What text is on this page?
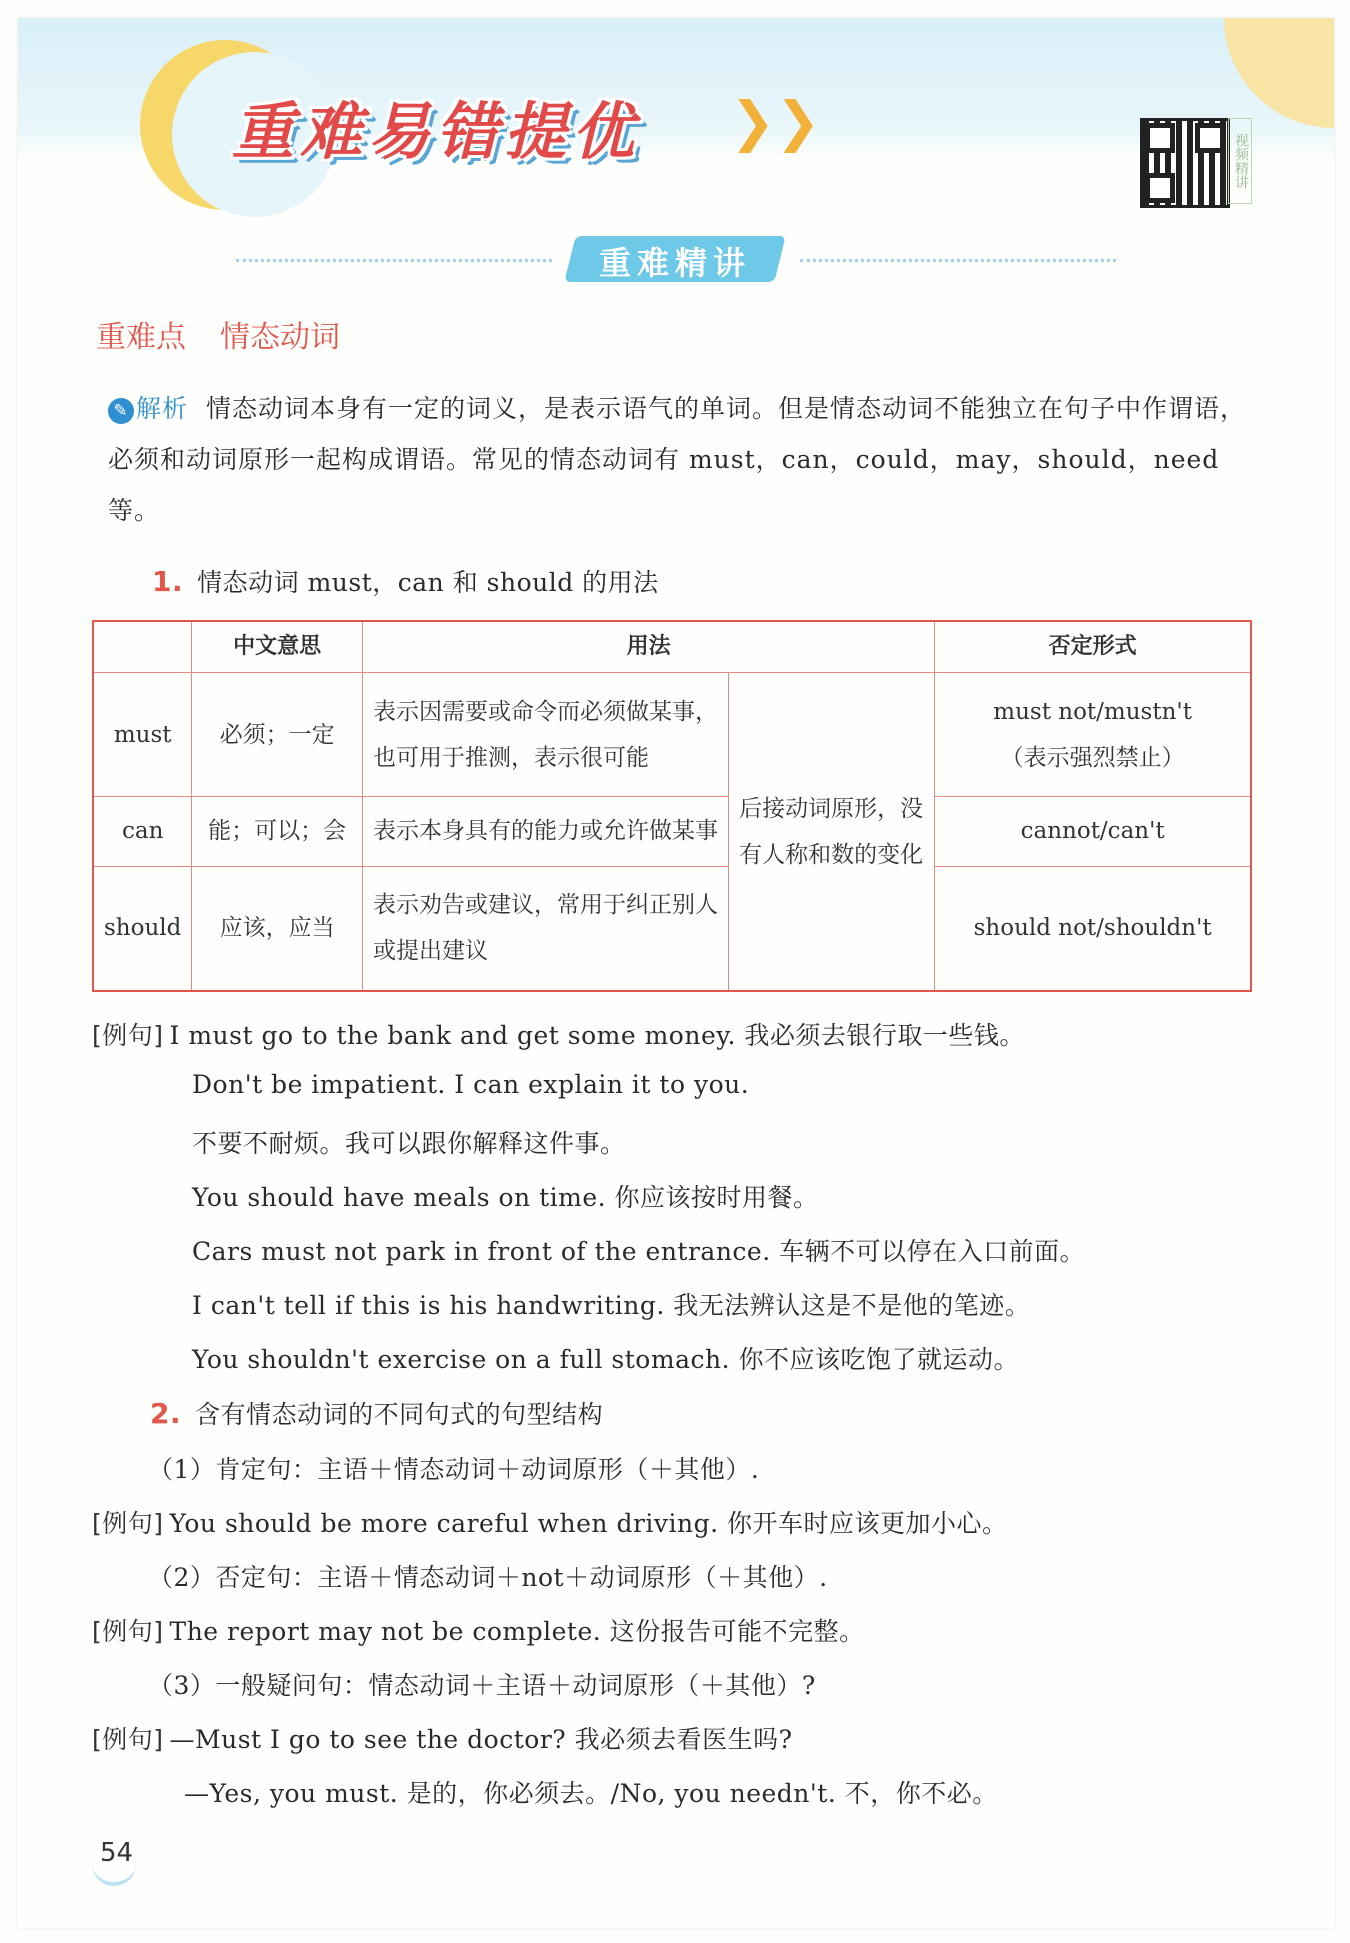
重难易错提优 ❯❯
视频精讲
重难精讲
重难点 情态动词
✎ 解析 情态动词本身有一定的词义，是表示语气的单词。但是情态动词不能独立在句子中作谓语，必须和动词原形一起构成谓语。常见的情态动词有 must，can，could，may，should，need 等。
1. 情态动词 must，can 和 should 的用法
	中文意思	用法		否定形式
must	必须；一定	表示因需要或命令而必须做某事，也可用于推测，表示很可能	后接动词原形，没有人称和数的变化	must not/mustn't
（表示强烈禁止）

can	能；可以；会	表示本身具有的能力或允许做某事		cannot/can't
should	应该，应当	表示劝告或建议，常用于纠正别人或提出建议		should not/shouldn't
[例句] I must go to the bank and get some money. 我必须去银行取一些钱。
Don't be impatient. I can explain it to you.
不要不耐烦。我可以跟你解释这件事。
You should have meals on time. 你应该按时用餐。
Cars must not park in front of the entrance. 车辆不可以停在入口前面。
I can't tell if this is his handwriting. 我无法辨认这是不是他的笔迹。
You shouldn't exercise on a full stomach. 你不应该吃饱了就运动。
2. 含有情态动词的不同句式的句型结构
（1）肯定句：主语＋情态动词＋动词原形（＋其他）.
[例句] You should be more careful when driving. 你开车时应该更加小心。
（2）否定句：主语＋情态动词＋not＋动词原形（＋其他）.
[例句] The report may not be complete. 这份报告可能不完整。
（3）一般疑问句：情态动词＋主语＋动词原形（＋其他）?
[例句] —Must I go to see the doctor? 我必须去看医生吗?
—Yes, you must. 是的，你必须去。/No, you needn't. 不，你不必。
54
